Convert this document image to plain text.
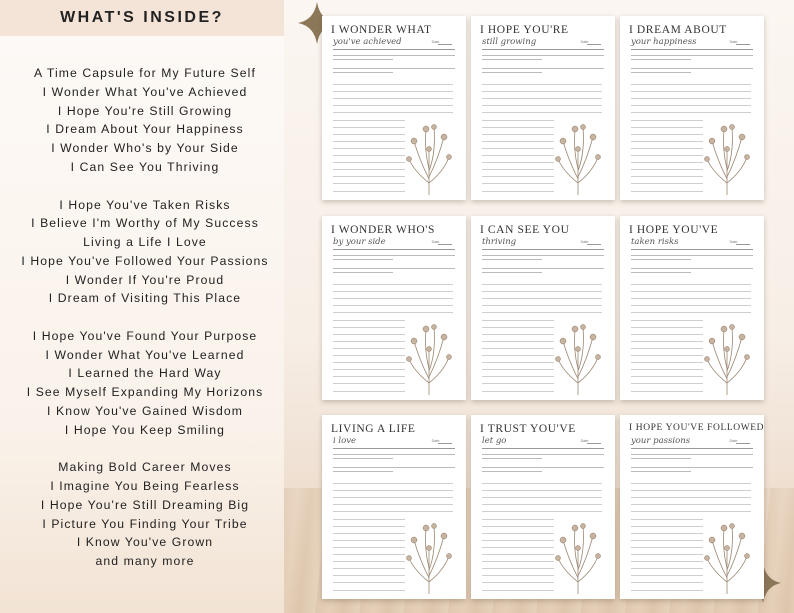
WHAT'S INSIDE?
A Time Capsule for My Future Self
I Wonder What You've Achieved
I Hope You're Still Growing
I Dream About Your Happiness
I Wonder Who's by Your Side
I Can See You Thriving
I Hope You've Taken Risks
I Believe I'm Worthy of My Success
Living a Life I Love
I Hope You've Followed Your Passions
I Wonder If You're Proud
I Dream of Visiting This Place
I Hope You've Found Your Purpose
I Wonder What You've Learned
I Learned the Hard Way
I See Myself Expanding My Horizons
I Know You've Gained Wisdom
I Hope You Keep Smiling
Making Bold Career Moves
I Imagine You Being Fearless
I Hope You're Still Dreaming Big
I Picture You Finding Your Tribe
I Know You've Grown
and many more
I WONDER WHAT
you've achieved	Date:
I HOPE YOU'RE
still growing	Date:
I DREAM ABOUT
your happiness	Date:
I WONDER WHO'S
by your side	Date:
I CAN SEE YOU
thriving	Date:
I HOPE YOU'VE
taken risks	Date:
LIVING A LIFE
i love	Date:
I TRUST YOU'VE
let go	Date:
I HOPE YOU'VE FOLLOWED
your passions	Date:
